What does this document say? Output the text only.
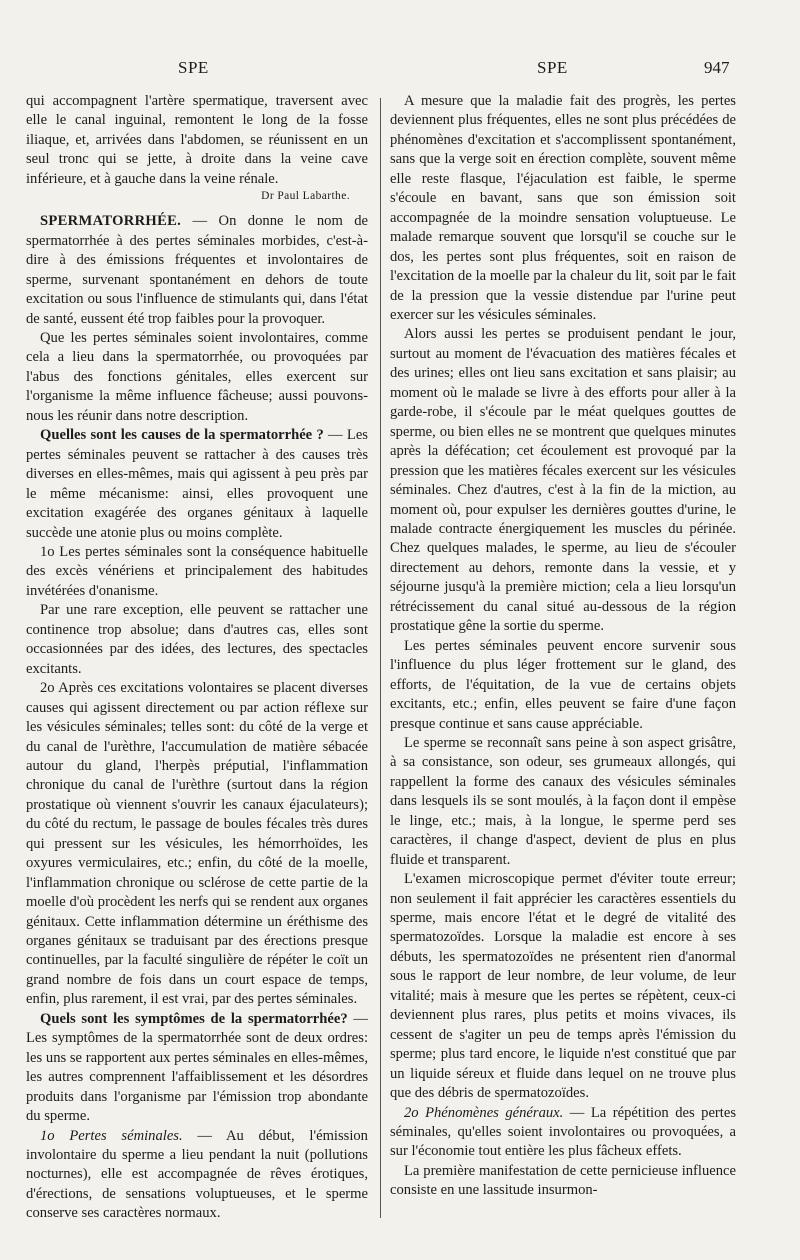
SPE	SPE	947

qui accompagnent l'artère spermatique, traversent avec elle le canal inguinal, remontent le long de la fosse iliaque, et, arrivées dans l'abdomen, se réunissent en un seul tronc qui se jette, à droite dans la veine cave inférieure, et à gauche dans la veine rénale.

Dr Paul Labarthe.

SPERMATORRHÉE. — On donne le nom de spermatorrhée à des pertes séminales morbides, c'est-à-dire à des émissions fréquentes et involontaires de sperme, survenant spontanément en dehors de toute excitation ou sous l'influence de stimulants qui, dans l'état de santé, eussent été trop faibles pour la provoquer.

Que les pertes séminales soient involontaires, comme cela a lieu dans la spermatorrhée, ou provoquées par l'abus des fonctions génitales, elles exercent sur l'organisme la même influence fâcheuse; aussi pouvons-nous les réunir dans notre description.

Quelles sont les causes de la spermatorrhée ? — Les pertes séminales peuvent se rattacher à des causes très diverses en elles-mêmes, mais qui agissent à peu près par le même mécanisme: ainsi, elles provoquent une excitation exagérée des organes génitaux à laquelle succède une atonie plus ou moins complète.

1o Les pertes séminales sont la conséquence habituelle des excès vénériens et principalement des habitudes invétérées d'onanisme.

Par une rare exception, elle peuvent se rattacher une continence trop absolue; dans d'autres cas, elles sont occasionnées par des idées, des lectures, des spectacles excitants.

2o Après ces excitations volontaires se placent diverses causes qui agissent directement ou par action réflexe sur les vésicules séminales; telles sont: du côté de la verge et du canal de l'urèthre, l'accumulation de matière sébacée autour du gland, l'herpès préputial, l'inflammation chronique du canal de l'urèthre (surtout dans la région prostatique où viennent s'ouvrir les canaux éjaculateurs); du côté du rectum, le passage de boules fécales très dures qui pressent sur les vésicules, les hémorrhoïdes, les oxyures vermiculaires, etc.; enfin, du côté de la moelle, l'inflammation chronique ou sclérose de cette partie de la moelle d'où procèdent les nerfs qui se rendent aux organes génitaux. Cette inflammation détermine un éréthisme des organes génitaux se traduisant par des érections presque continuelles, par la faculté singulière de répéter le coït un grand nombre de fois dans un court espace de temps, enfin, plus rarement, il est vrai, par des pertes séminales.

Quels sont les symptômes de la spermatorrhée? — Les symptômes de la spermatorrhée sont de deux ordres: les uns se rapportent aux pertes séminales en elles-mêmes, les autres comprennent l'affaiblissement et les désordres produits dans l'organisme par l'émission trop abondante du sperme.

1o Pertes séminales. — Au début, l'émission involontaire du sperme a lieu pendant la nuit (pollutions nocturnes), elle est accompagnée de rêves érotiques, d'érections, de sensations voluptueuses, et le sperme conserve ses caractères normaux.

A mesure que la maladie fait des progrès, les pertes deviennent plus fréquentes, elles ne sont plus précédées de phénomènes d'excitation et s'accomplissent spontanément, sans que la verge soit en érection complète, souvent même elle reste flasque, l'éjaculation est faible, le sperme s'écoule en bavant, sans que son émission soit accompagnée de la moindre sensation voluptueuse. Le malade remarque souvent que lorsqu'il se couche sur le dos, les pertes sont plus fréquentes, soit en raison de l'excitation de la moelle par la chaleur du lit, soit par le fait de la pression que la vessie distendue par l'urine peut exercer sur les vésicules séminales.

Alors aussi les pertes se produisent pendant le jour, surtout au moment de l'évacuation des matières fécales et des urines; elles ont lieu sans excitation et sans plaisir; au moment où le malade se livre à des efforts pour aller à la garde-robe, il s'écoule par le méat quelques gouttes de sperme, ou bien elles ne se montrent que quelques minutes après la défécation; cet écoulement est provoqué par la pression que les matières fécales exercent sur les vésicules séminales. Chez d'autres, c'est à la fin de la miction, au moment où, pour expulser les dernières gouttes d'urine, le malade contracte énergiquement les muscles du périnée. Chez quelques malades, le sperme, au lieu de s'écouler directement au dehors, remonte dans la vessie, et y séjourne jusqu'à la première miction; cela a lieu lorsqu'un rétrécissement du canal situé au-dessous de la région prostatique gêne la sortie du sperme.

Les pertes séminales peuvent encore survenir sous l'influence du plus léger frottement sur le gland, des efforts, de l'équitation, de la vue de certains objets excitants, etc.; enfin, elles peuvent se faire d'une façon presque continue et sans cause appréciable.

Le sperme se reconnaît sans peine à son aspect grisâtre, à sa consistance, son odeur, ses grumeaux allongés, qui rappellent la forme des canaux des vésicules séminales dans lesquels ils se sont moulés, à la façon dont il empèse le linge, etc.; mais, à la longue, le sperme perd ses caractères, il change d'aspect, devient de plus en plus fluide et transparent.

L'examen microscopique permet d'éviter toute erreur; non seulement il fait apprécier les caractères essentiels du sperme, mais encore l'état et le degré de vitalité des spermatozoïdes. Lorsque la maladie est encore à ses débuts, les spermatozoïdes ne présentent rien d'anormal sous le rapport de leur nombre, de leur volume, de leur vitalité; mais à mesure que les pertes se répètent, ceux-ci deviennent plus rares, plus petits et moins vivaces, ils cessent de s'agiter un peu de temps après l'émission du sperme; plus tard encore, le liquide n'est constitué que par un liquide séreux et fluide dans lequel on ne trouve plus que des débris de spermatozoïdes.

2o Phénomènes généraux. — La répétition des pertes séminales, qu'elles soient involontaires ou provoquées, a sur l'économie tout entière les plus fâcheux effets.

La première manifestation de cette pernicieuse influence consiste en une lassitude insurmon-
